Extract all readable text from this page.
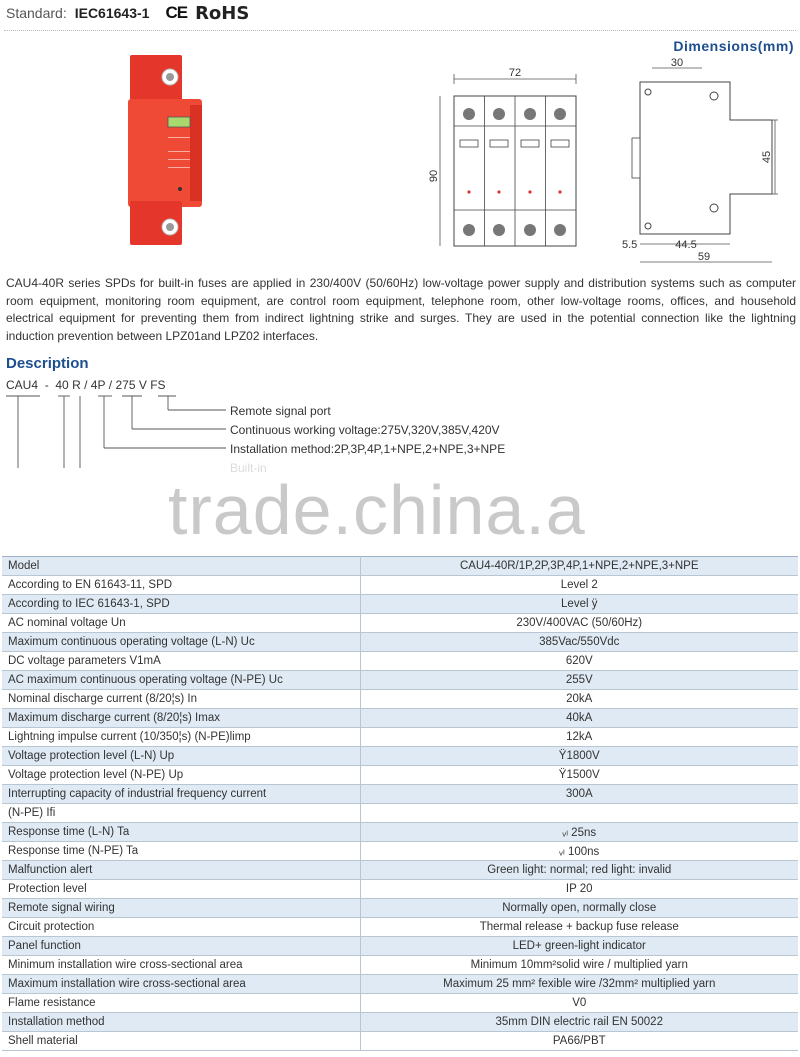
Standard: IEC61643-1 CE RoHS
Dimensions(mm)
72
90
30
45
5.5	44.5
59

CAU4-40R series SPDs for built-in fuses are applied in 230/400V (50/60Hz) low-voltage power supply and distribution systems such as computer room equipment, monitoring room equipment, are control room equipment, telephone room, other low-voltage rooms, offices, and household electrical equipment for preventing them from indirect lightning strike and surges. They are used in the potential connection like the lightning induction prevention between LPZ01and LPZ02 interfaces.

Description
CAU4 - 40 R / 4P / 275 V FS
Remote signal port
Continuous working voltage:275V,320V,385V,420V
Installation method:2P,3P,4P,1+NPE,2+NPE,3+NPE
Built-in
trade.china.a
Model	CAU4-40R/1P,2P,3P,4P,1+NPE,2+NPE,3+NPE
According to EN 61643-11, SPD	Level 2
According to IEC 61643-1, SPD	Level ÿ
AC nominal voltage Un	230V/400VAC (50/60Hz)
Maximum continuous operating voltage (L-N) Uc	385Vac/550Vdc
DC voltage parameters V1mA	620V
AC maximum continuous operating voltage (N-PE) Uc	255V
Nominal discharge current (8/20¦s) In	20kA
Maximum discharge current (8/20¦s) Imax	40kA
Lightning impulse current (10/350¦s) (N-PE)limp	12kA
Voltage protection level (L-N) Up	Ÿ1800V
Voltage protection level (N-PE) Up	Ÿ1500V
Interrupting capacity of industrial frequency current	300A
(N-PE) Ifi	
Response time (L-N) Ta	ᵥₗ 25ns
Response time (N-PE) Ta	ᵥₗ 100ns
Malfunction alert	Green light: normal; red light: invalid
Protection level	IP 20
Remote signal wiring	Normally open, normally close
Circuit protection	Thermal release + backup fuse release
Panel function	LED+ green-light indicator
Minimum installation wire cross-sectional area	Minimum 10mm²solid wire / multiplied yarn
Maximum installation wire cross-sectional area	Maximum 25 mm² fexible wire /32mm² multiplied yarn
Flame resistance	V0
Installation method	35mm DIN electric rail EN 50022
Shell material	PA66/PBT
